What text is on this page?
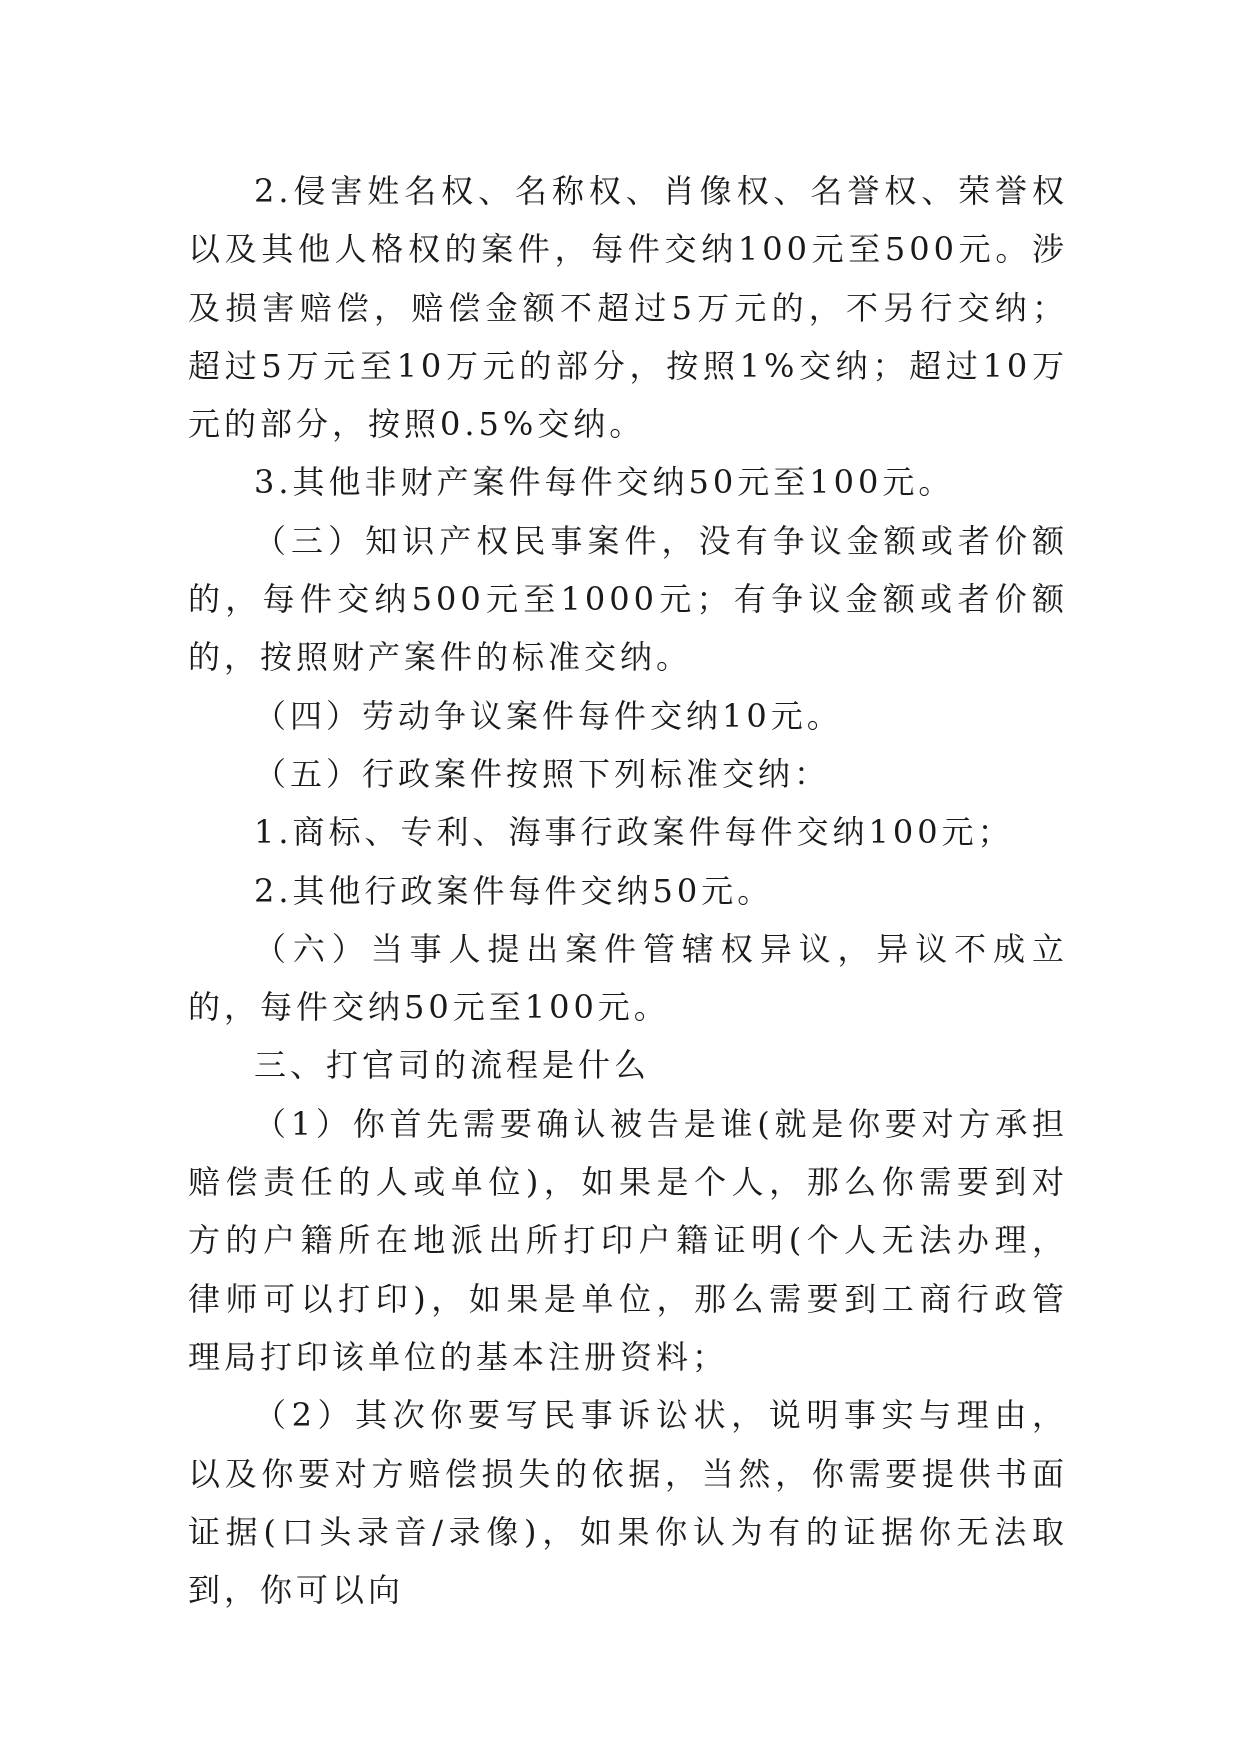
2.侵害姓名权、名称权、肖像权、名誉权、荣誉权以及其他人格权的案件，每件交纳100元至500元。涉及损害赔偿，赔偿金额不超过5万元的，不另行交纳；超过5万元至10万元的部分，按照1%交纳；超过10万元的部分，按照0.5%交纳。

3.其他非财产案件每件交纳50元至100元。

（三）知识产权民事案件，没有争议金额或者价额的，每件交纳500元至1000元；有争议金额或者价额的，按照财产案件的标准交纳。

（四）劳动争议案件每件交纳10元。

（五）行政案件按照下列标准交纳：

1.商标、专利、海事行政案件每件交纳100元；

2.其他行政案件每件交纳50元。

（六）当事人提出案件管辖权异议，异议不成立的，每件交纳50元至100元。

三、打官司的流程是什么

（1）你首先需要确认被告是谁(就是你要对方承担赔偿责任的人或单位)，如果是个人，那么你需要到对方的户籍所在地派出所打印户籍证明(个人无法办理，律师可以打印)，如果是单位，那么需要到工商行政管理局打印该单位的基本注册资料；

（2）其次你要写民事诉讼状，说明事实与理由，以及你要对方赔偿损失的依据，当然，你需要提供书面证据(口头录音/录像)，如果你认为有的证据你无法取到，你可以向
